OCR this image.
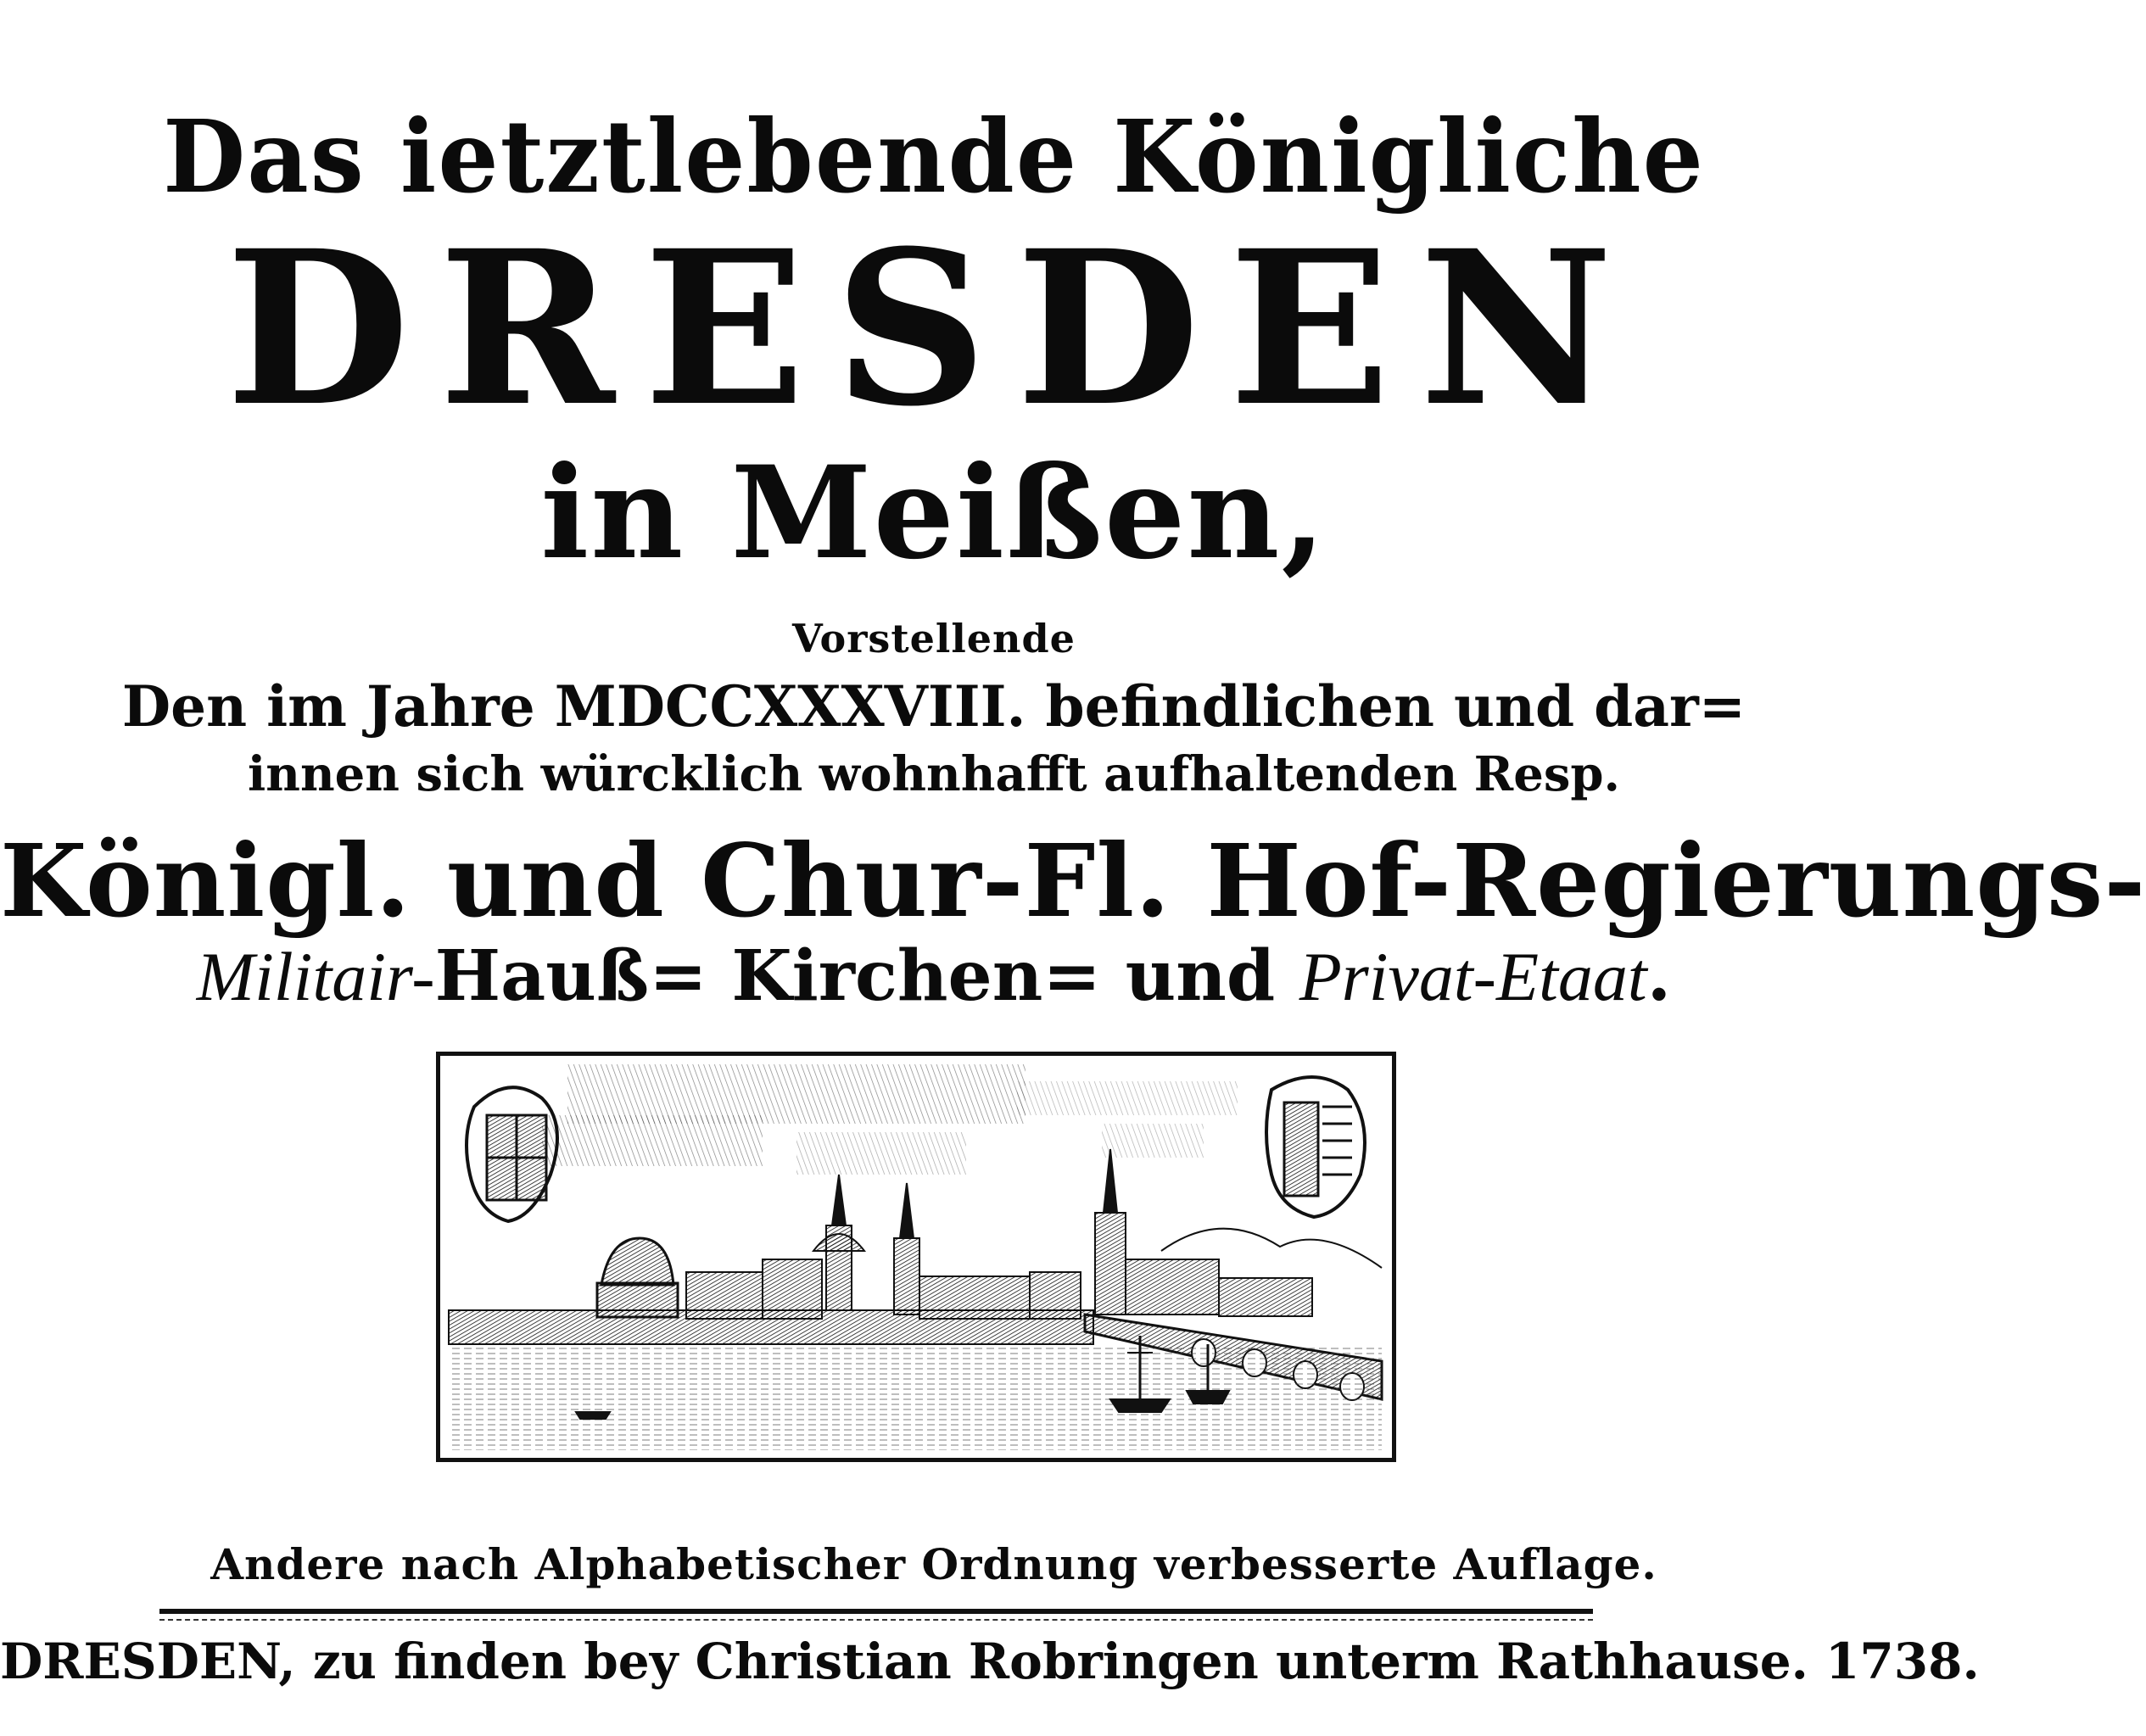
Das ietztlebende Königliche
DRESDEN
in Meißen,
Vorstellende
Den im Jahre MDCCXXXVIII. befindlichen und dar=
innen sich würcklich wohnhafft aufhaltenden Resp.
Königl. und Chur-Fl. Hof-Regierungs-
Militair-Hauß= Kirchen= und Privat-Etaat.
Andere nach Alphabetischer Ordnung verbesserte Auflage.
DRESDEN, zu finden bey Christian Robringen unterm Rathhause. 1738.
